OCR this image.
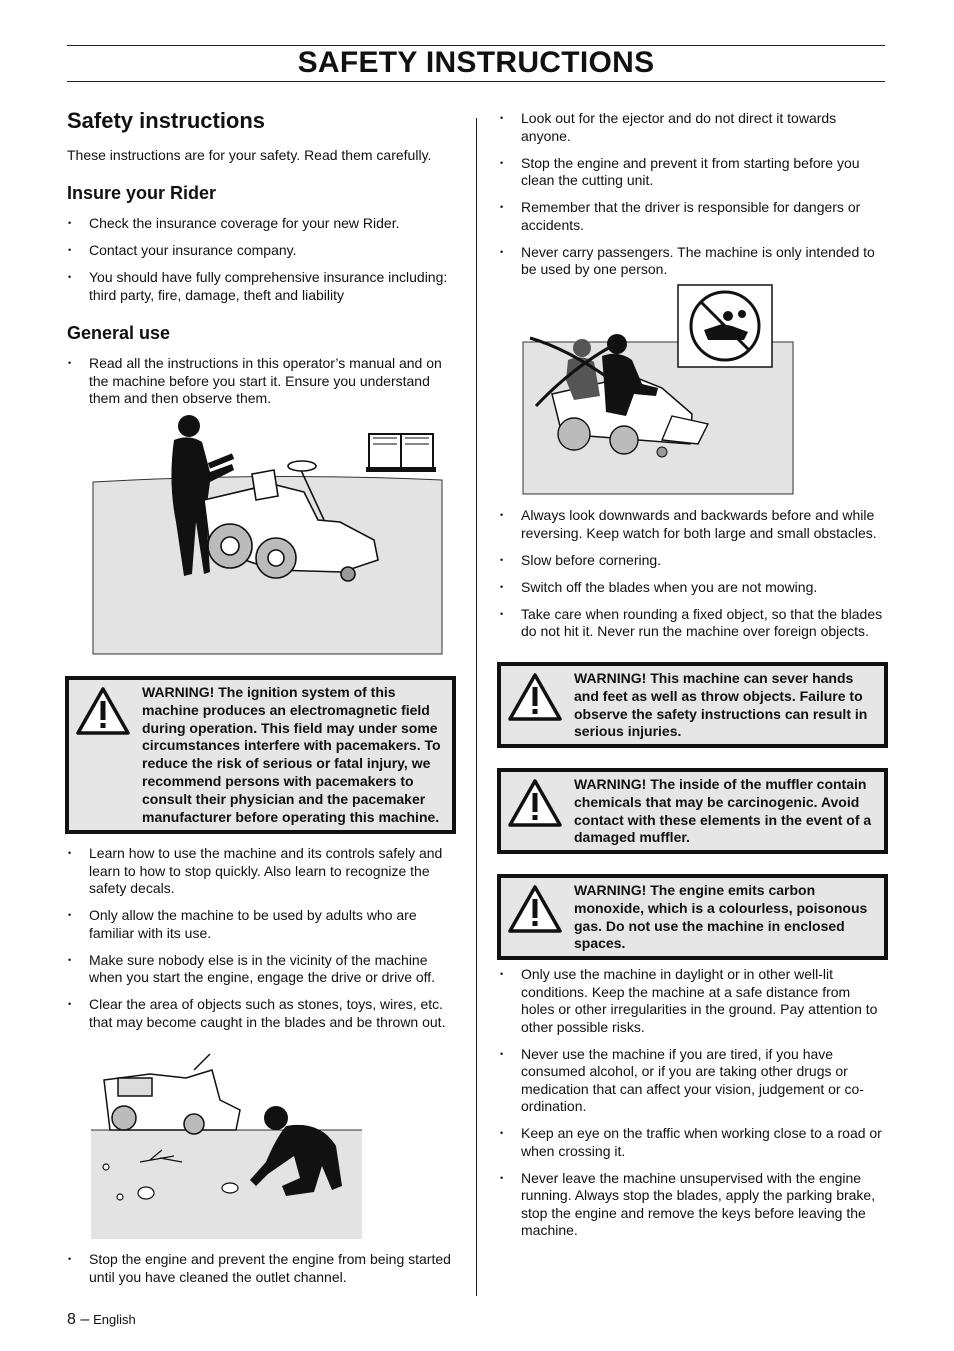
SAFETY INSTRUCTIONS
Safety instructions
These instructions are for your safety. Read them carefully.
Insure your Rider
• Check the insurance coverage for your new Rider.
• Contact your insurance company.
• You should have fully comprehensive insurance including: third party, fire, damage, theft and liability
General use
• Read all the instructions in this operator’s manual and on the machine before you start it. Ensure you understand them and then observe them.
WARNING! The ignition system of this machine produces an electromagnetic field during operation. This field may under some circumstances interfere with pacemakers. To reduce the risk of serious or fatal injury, we recommend persons with pacemakers to consult their physician and the pacemaker manufacturer before operating this machine.
• Learn how to use the machine and its controls safely and learn to how to stop quickly. Also learn to recognize the safety decals.
• Only allow the machine to be used by adults who are familiar with its use.
• Make sure nobody else is in the vicinity of the machine when you start the engine, engage the drive or drive off.
• Clear the area of objects such as stones, toys, wires, etc. that may become caught in the blades and be thrown out.
• Stop the engine and prevent the engine from being started until you have cleaned the outlet channel.
• Look out for the ejector and do not direct it towards anyone.
• Stop the engine and prevent it from starting before you clean the cutting unit.
• Remember that the driver is responsible for dangers or accidents.
• Never carry passengers. The machine is only intended to be used by one person.
• Always look downwards and backwards before and while reversing. Keep watch for both large and small obstacles.
• Slow before cornering.
• Switch off the blades when you are not mowing.
• Take care when rounding a fixed object, so that the blades do not hit it. Never run the machine over foreign objects.
WARNING! This machine can sever hands and feet as well as throw objects. Failure to observe the safety instructions can result in serious injuries.
WARNING! The inside of the muffler contain chemicals that may be carcinogenic. Avoid contact with these elements in the event of a damaged muffler.
WARNING! The engine emits carbon monoxide, which is a colourless, poisonous gas. Do not use the machine in enclosed spaces.
• Only use the machine in daylight or in other well-lit conditions. Keep the machine at a safe distance from holes or other irregularities in the ground. Pay attention to other possible risks.
• Never use the machine if you are tired, if you have consumed alcohol, or if you are taking other drugs or medication that can affect your vision, judgement or co-ordination.
• Keep an eye on the traffic when working close to a road or when crossing it.
• Never leave the machine unsupervised with the engine running. Always stop the blades, apply the parking brake, stop the engine and remove the keys before leaving the machine.
8 – English
